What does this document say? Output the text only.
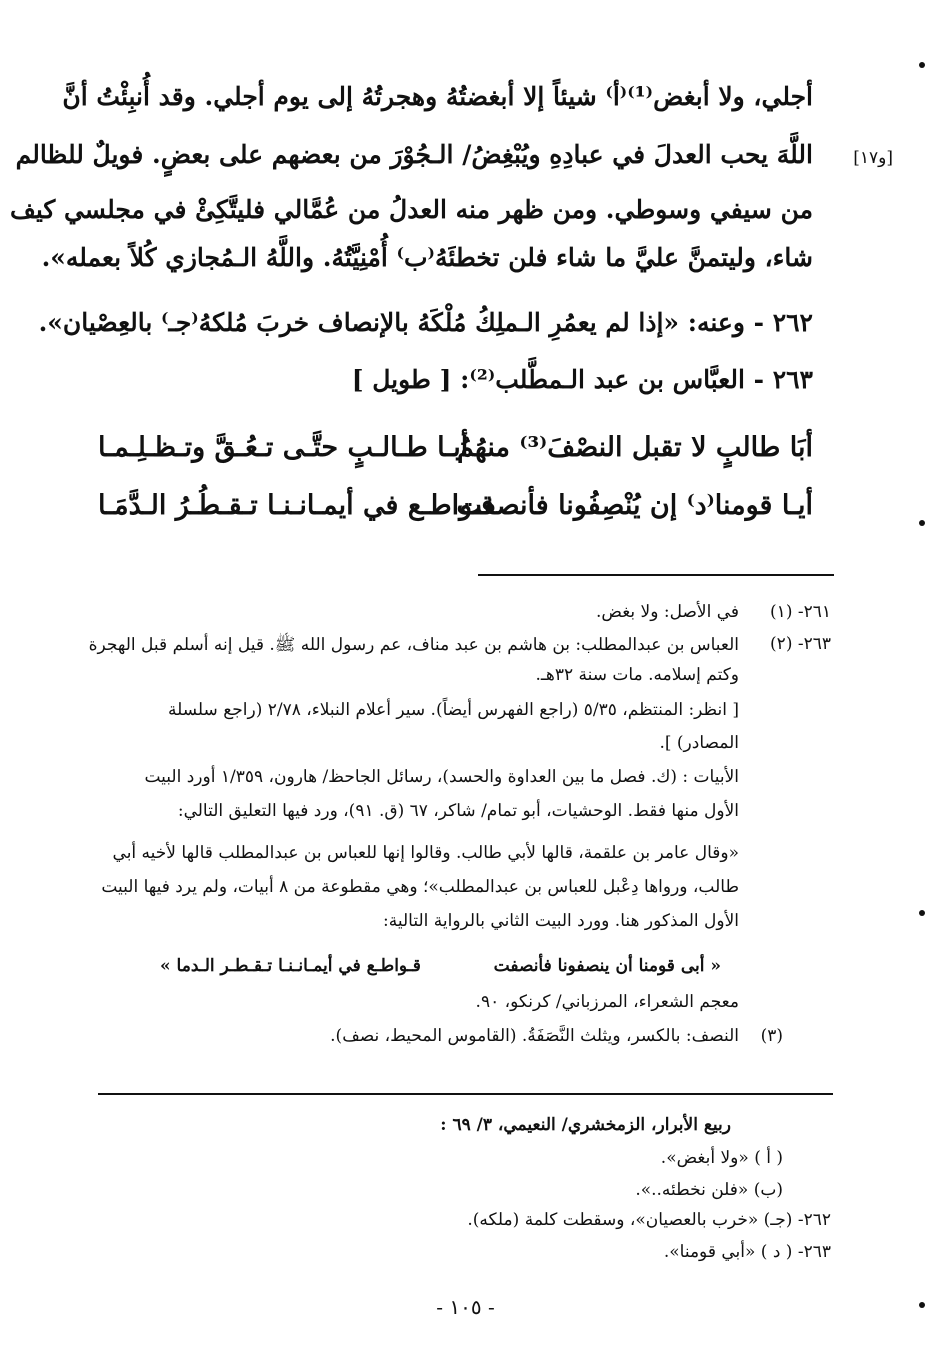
أجلي، ولا أبغض⁽¹⁾⁽أ⁾ شيئاً إلا أبغضتُهُ وهجرتُهُ إلى يوم أجلي. وقد أُنبِئْتُ أنَّ
اللَّهَ يحب العدلَ في عبادِهِ ويُبْغِضُ/ الـجُوْرَ من بعضهم على بعضٍ. فويلٌ للظالم
من سيفي وسوطي. ومن ظهر منه العدلُ من عُمَّالي فليتَّكِئْ في مجلسي كيف
شاء، وليتمنَّ عليَّ ما شاء فلن تخطئَهُ⁽ب⁾ أُمْنِيَّتُهُ. واللَّهُ الـمُجازي كُلاً بعمله».
[و١٧]
٢٦٢ - وعنه: «إذا لم يعمُرِ الـملِكُ مُلْكَهُ بالإنصاف خربَ مُلكهُ⁽جـ⁾ بالعِصْيان».
٢٦٣ - العبَّاس بن عبد الـمطَّلب⁽²⁾: [ طويل ]
أبَا طالبٍ لا تقبل النصْفَ⁽³⁾ منهُمُ
أبـا طـالـبٍ حتَّـى تـعُـقَّ وتـظـلِـمـا
أيـا قومنا⁽د⁾ إن يُنْصِفُونا فأنصفت
قـواطـع في أيمـانـنـا تـقـطُـرُ الـدَّمَـا
٢٦١- (١)
في الأصل: ولا بغض.
٢٦٣- (٢)
العباس بن عبدالمطلب: بن هاشم بن عبد مناف، عم رسول الله ﷺ. قيل إنه أسلم قبل الهجرة
وكتم إسلامه. مات سنة ٣٢هـ.
[ انظر: المنتظم، ٥/٣٥ (راجع الفهرس أيضاً). سير أعلام النبلاء، ٢/٧٨ (راجع سلسلة
المصادر) ].
الأبيات : (ك. فصل ما بين العداوة والحسد)، رسائل الجاحظ/ هارون، ١/٣٥٩ أورد البيت
الأول منها فقط. الوحشيات، أبو تمام/ شاكر، ٦٧ (ق. ٩١)، ورد فيها التعليق التالي:
«وقال عامر بن علقمة، قالها لأبي طالب. وقالوا إنها للعباس بن عبدالمطلب قالها لأخيه أبي
طالب، ورواها دِعْبل للعباس بن عبدالمطلب»؛ وهي مقطوعة من ٨ أبيات، ولم يرد فيها البيت
الأول المذكور هنا. وورد البيت الثاني بالرواية التالية:
« أبى قومنا أن ينصفونا فأنصفت
قـواطـع في أيمـانـنـا تـقـطـر الـدما »
معجم الشعراء، المرزباني/ كرنكو، ٩٠.
(٣)
النصف: بالكسر، ويثلث النَّصَفَةُ. (القاموس المحيط، نصف).
ربيع الأبرار، الزمخشري/ النعيمي، ٣/ ٦٩ :
( أ ) «ولا أبغض».
(ب) «فلن نخطئه..».
٢٦٢- (جـ) «خرب بالعصيان»، وسقطت كلمة (ملكه).
٢٦٣- ( د ) «أبي قومنا».
- ١٠٥ -
